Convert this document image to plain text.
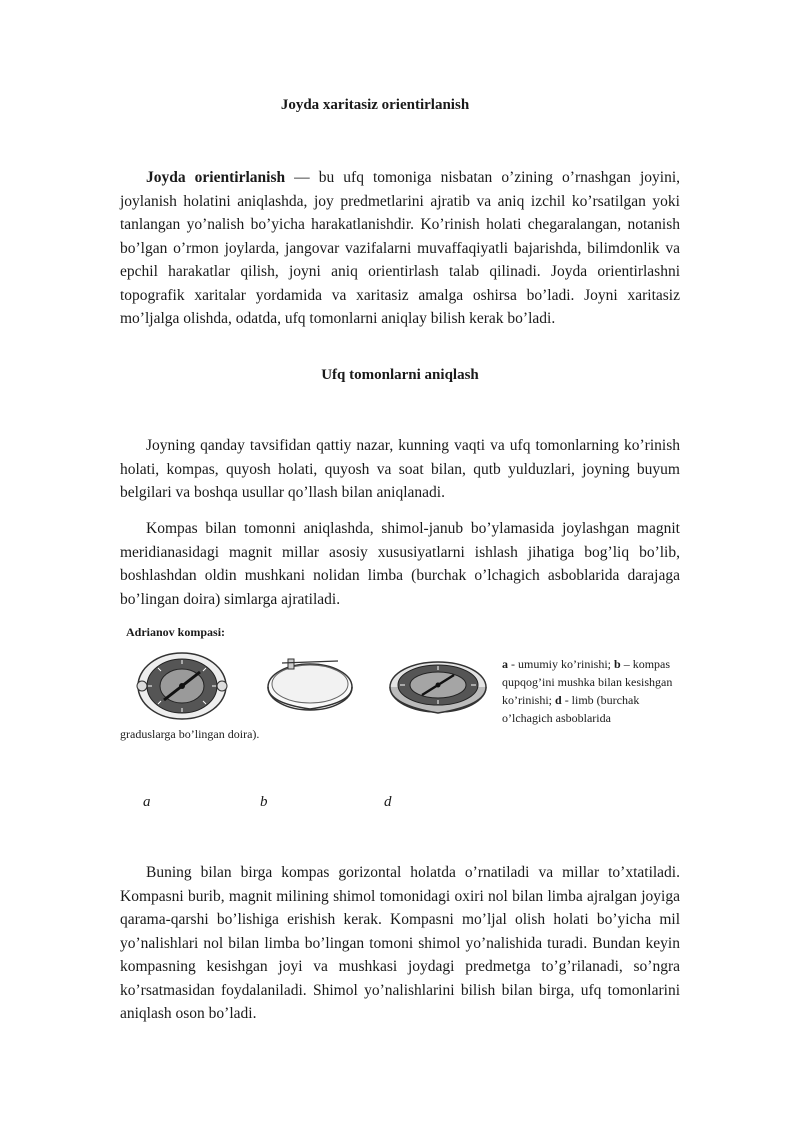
Joyda xaritasiz orientirlanish

Joyda orientirlanish — bu ufq tomoniga nisbatan o’zining o’rnashgan joyini, joylanish holatini aniqlashda, joy predmetlarini ajratib va aniq izchil ko’rsatilgan yoki tanlangan yo’nalish bo’yicha harakatlanishdir. Ko’rinish holati chegaralangan, notanish bo’lgan o’rmon joylarda, jangovar vazifalarni muvaffaqiyatli bajarishda, bilimdonlik va epchil harakatlar qilish, joyni aniq orientirlash talab qilinadi. Joyda orientirlashni topografik xaritalar yordamida va xaritasiz amalga oshirsa bo’ladi. Joyni xaritasiz mo’ljalga olishda, odatda, ufq tomonlarni aniqlay bilish kerak bo’ladi.

Ufq tomonlarni aniqlash

Joyning qanday tavsifidan qattiy nazar, kunning vaqti va ufq tomonlarning ko’rinish holati, kompas, quyosh holati, quyosh va soat bilan, qutb yulduzlari, joyning buyum belgilari va boshqa usullar qo’llash bilan aniqlanadi.

Kompas bilan tomonni aniqlashda, shimol-janub bo’ylamasida joylashgan magnit meridianasidagi magnit millar asosiy xususiyatlarni ishlash jihatiga bog’liq bo’lib, boshlashdan oldin mushkani nolidan limba (burchak o’lchagich asboblarida darajaga bo’lingan doira) simlarga ajratiladi.

Adrianov kompasi:
a - umumiy ko’rinishi; b – kompas qupqog’ini mushka bilan kesishgan ko’rinishi; d - limb (burchak o’lchagich asboblarida
graduslarga bo’lingan doira).
a	b	d

Buning bilan birga kompas gorizontal holatda o’rnatiladi va millar to’xtatiladi. Kompasni burib, magnit milining shimol tomonidagi oxiri nol bilan limba ajralgan joyiga qarama-qarshi bo’lishiga erishish kerak. Kompasni mo’ljal olish holati bo’yicha mil yo’nalishlari nol bilan limba bo’lingan tomoni shimol yo’nalishida turadi. Bundan keyin kompasning kesishgan joyi va mushkasi joydagi predmetga to’g’rilanadi, so’ngra ko’rsatmasidan foydalaniladi. Shimol yo’nalishlarini bilish bilan birga, ufq tomonlarini aniqlash oson bo’ladi.
